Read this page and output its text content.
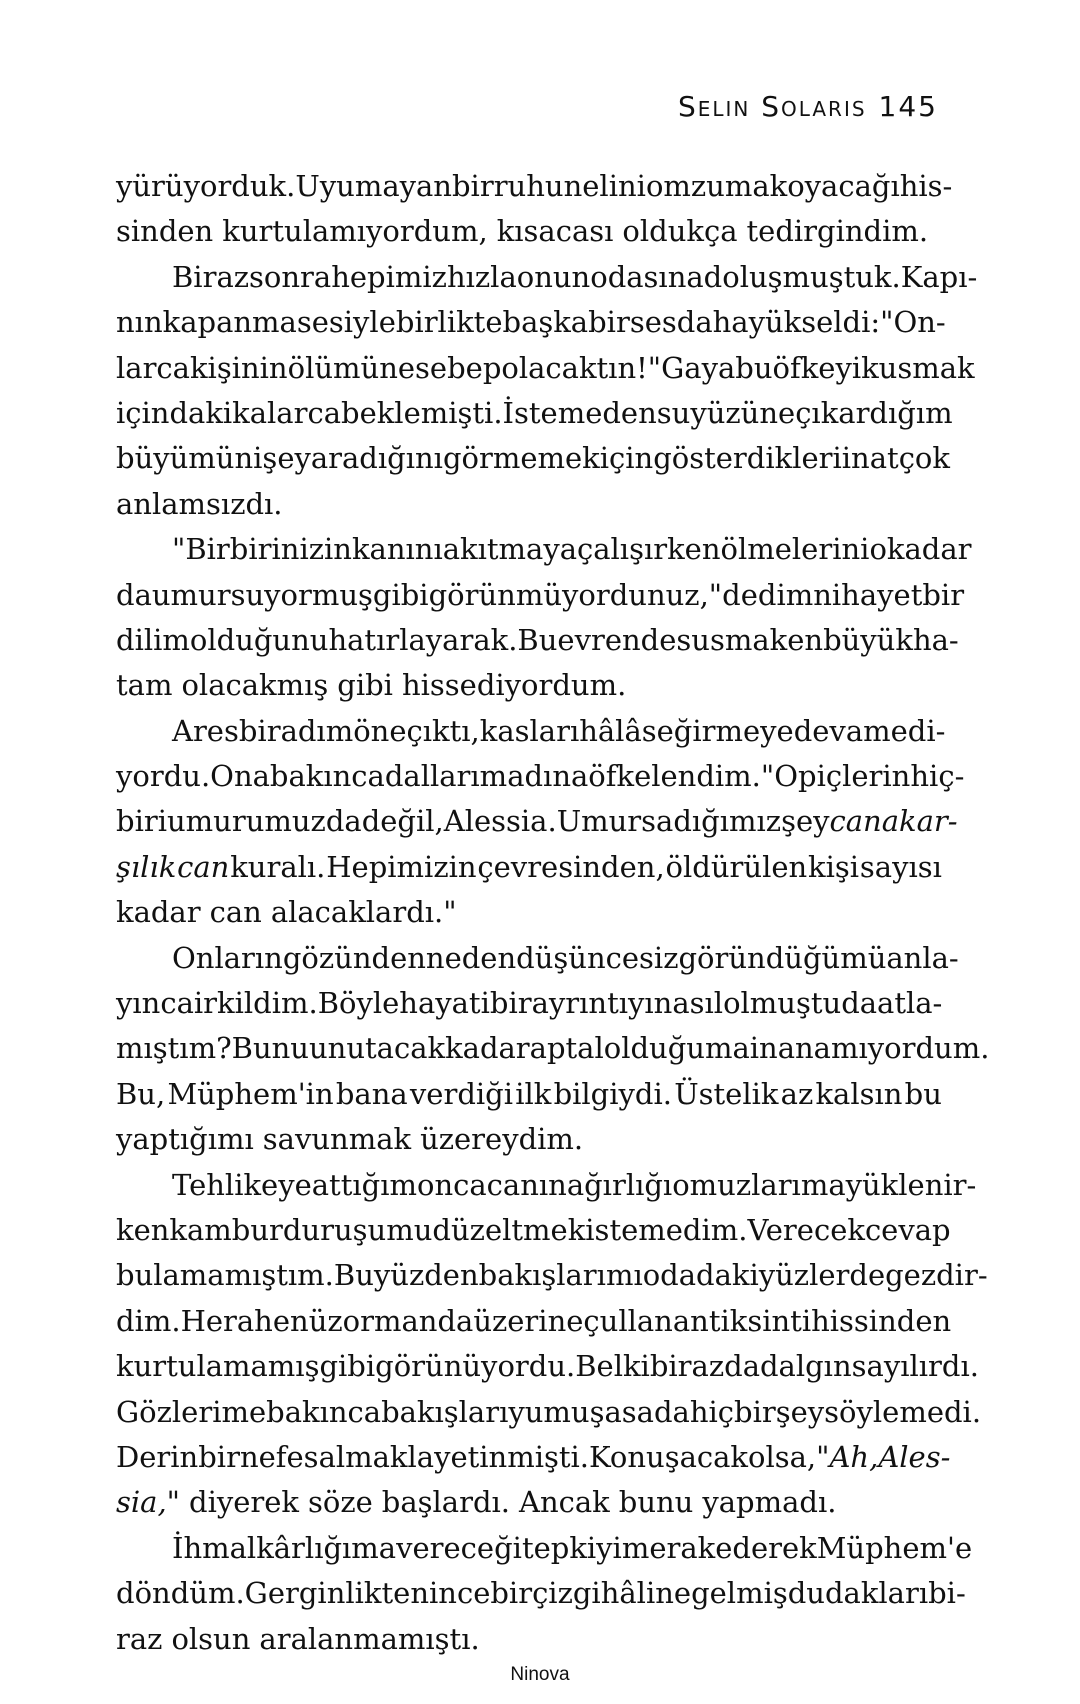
Selin Solaris 145
yürüyorduk. Uyumayan bir ruhun elini omzuma koyacağı his-
sinden kurtulamıyordum, kısacası oldukça tedirgindim.
Biraz sonra hepimiz hızla onun odasına doluşmuştuk. Kapı-
nın kapanma sesiyle birlikte başka bir ses daha yükseldi: "On-
larca kişinin ölümüne sebep olacaktın!" Gaya bu öfkeyi kusmak
için dakikalarca beklemişti. İstemeden su yüzüne çıkardığım
büyümün işe yaradığını görmemek için gösterdikleri inat çok
anlamsızdı.
"Birbirinizin kanını akıtmaya çalışırken ölmelerini o kadar
da umursuyormuş gibi görünmüyordunuz," dedim nihayet bir
dilim olduğunu hatırlayarak. Bu evrende susmak en büyük ha-
tam olacakmış gibi hissediyordum.
Ares bir adım öne çıktı, kasları hâlâ seğirmeye devam edi-
yordu. Ona bakınca dallarım adına öfkelendim. "O piçlerin hiç-
biri umurumuzda değil, Alessia. Umursadığımız şey cana kar-
şılık can kuralı. Hepimizin çevresinden, öldürülen kişi sayısı
kadar can alacaklardı."
Onların gözünden neden düşüncesiz göründüğümü anla-
yınca irkildim. Böyle hayati bir ayrıntıyı nasıl olmuştu da atla-
mıştım? Bunu unutacak kadar aptal olduğuma inanamıyordum.
Bu, Müphem'in bana verdiği ilk bilgiydi. Üstelik az kalsın bu
yaptığımı savunmak üzereydim.
Tehlikeye attığım onca canın ağırlığı omuzlarıma yüklenir-
ken kambur duruşumu düzeltmek istemedim. Verecek cevap
bulamamıştım. Bu yüzden bakışlarımı odadaki yüzlerde gezdir-
dim. Hera henüz ormanda üzerine çullanan tiksinti hissinden
kurtulamamış gibi görünüyordu. Belki biraz da dalgın sayılırdı.
Gözlerime bakınca bakışları yumuşasa da hiçbir şey söylemedi.
Derin bir nefes almakla yetinmişti. Konuşacak olsa, "Ah, Ales-
sia," diyerek söze başlardı. Ancak bunu yapmadı.
İhmalkârlığıma vereceği tepkiyi merak ederek Müphem'e
döndüm. Gerginlikten ince bir çizgi hâline gelmiş dudakları bi-
raz olsun aralanmamıştı.
Ninova
